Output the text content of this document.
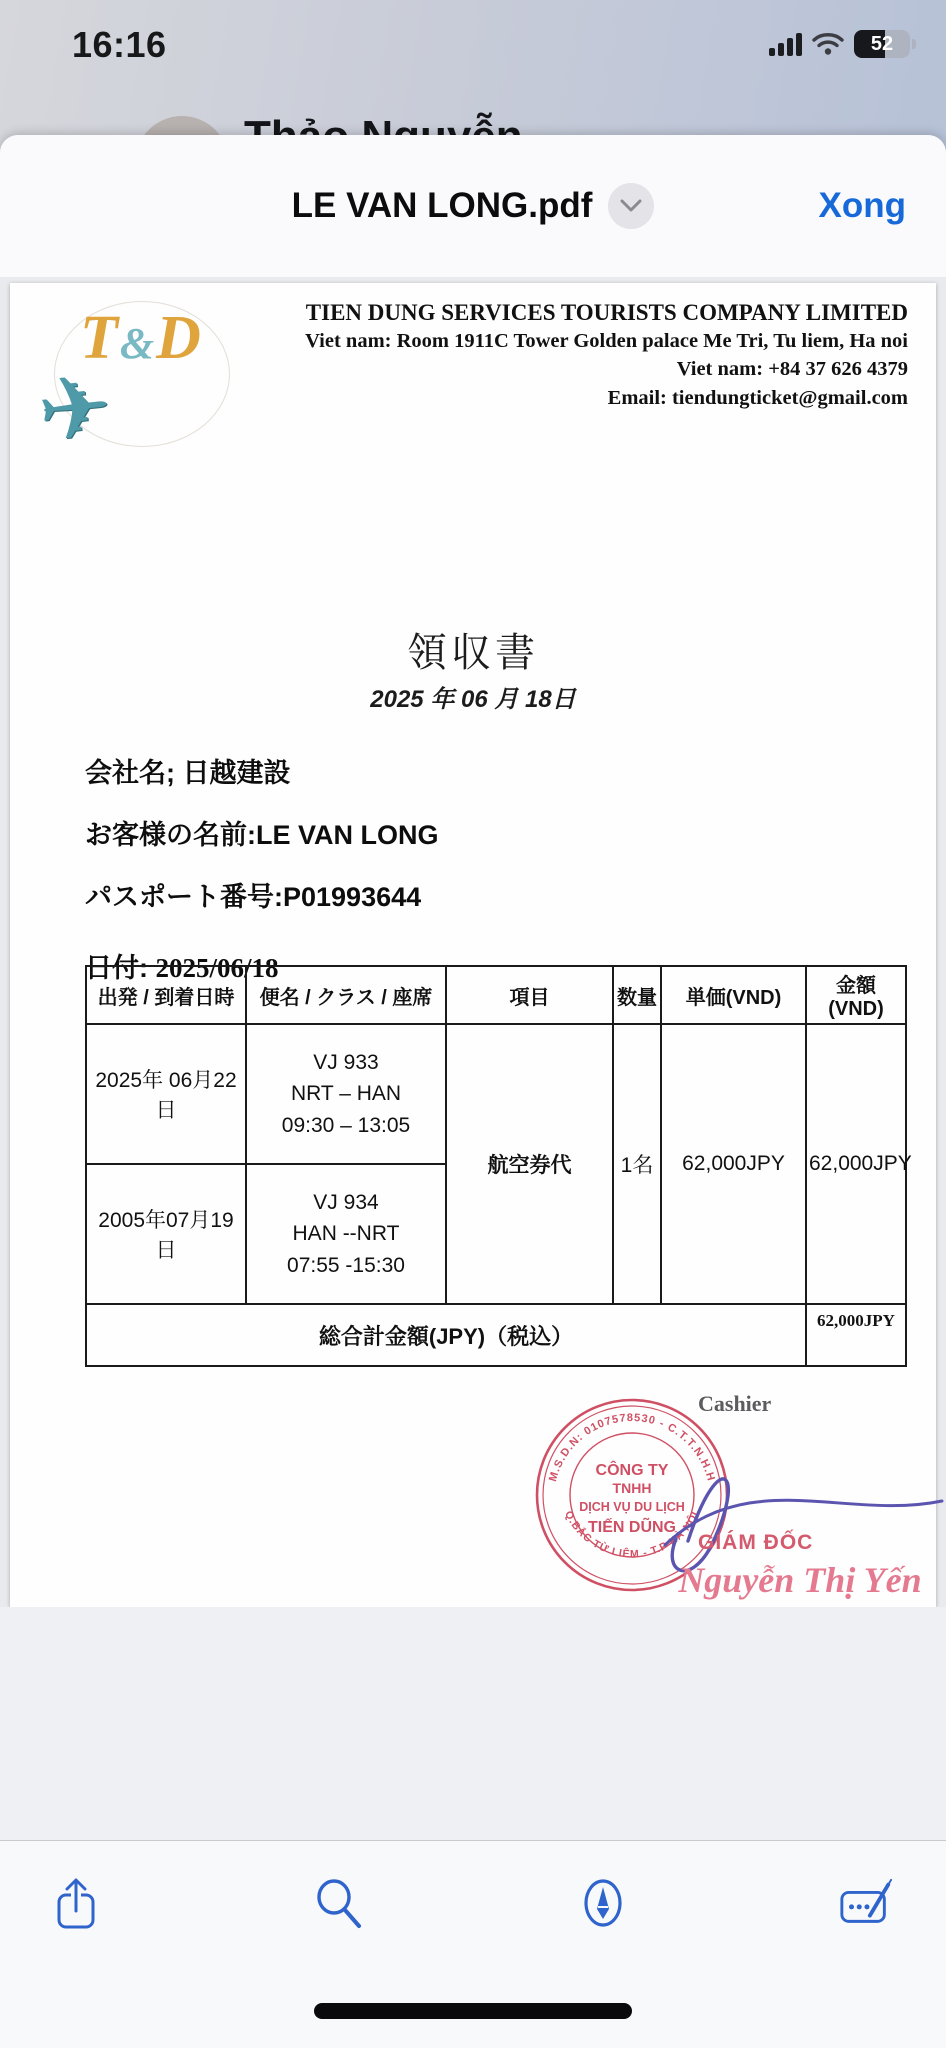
16:16	52
LE VAN LONG.pdf	Xong
T&D
✈
TIEN DUNG SERVICES TOURISTS COMPANY LIMITED
Viet nam: Room 1911C Tower Golden palace Me Tri, Tu liem, Ha noi
Viet nam: +84 37 626 4379
Email: tiendungticket@gmail.com
領収書
2025 年 06 月 18日
会社名; 日越建設
お客様の名前:LE VAN LONG
パスポート番号:P01993644
日付: 2025/06/18
出発 / 到着日時	便名 / クラス / 座席	項目	数量	単価(VND)	金額(VND)
2025年 06月22日	VJ 933
NRT – HAN
09:30 – 13:05	航空券代	1名	62,000JPY	62,000JPY
2005年07月19日	VJ 934
HAN --NRT
07:55 -15:30				

総合計金額(JPY)（税込）					62,000JPY
Cashier
M.S.D.N: 0107578530 - C.T.T.N.H.H
Q.BẮC TỪ LIÊM - T.P HÀ NỘI
CÔNG TY
TNHH
DỊCH VỤ DU LỊCH
TIẾN DŨNG
GIÁM ĐỐC
Nguyễn Thị Yến
